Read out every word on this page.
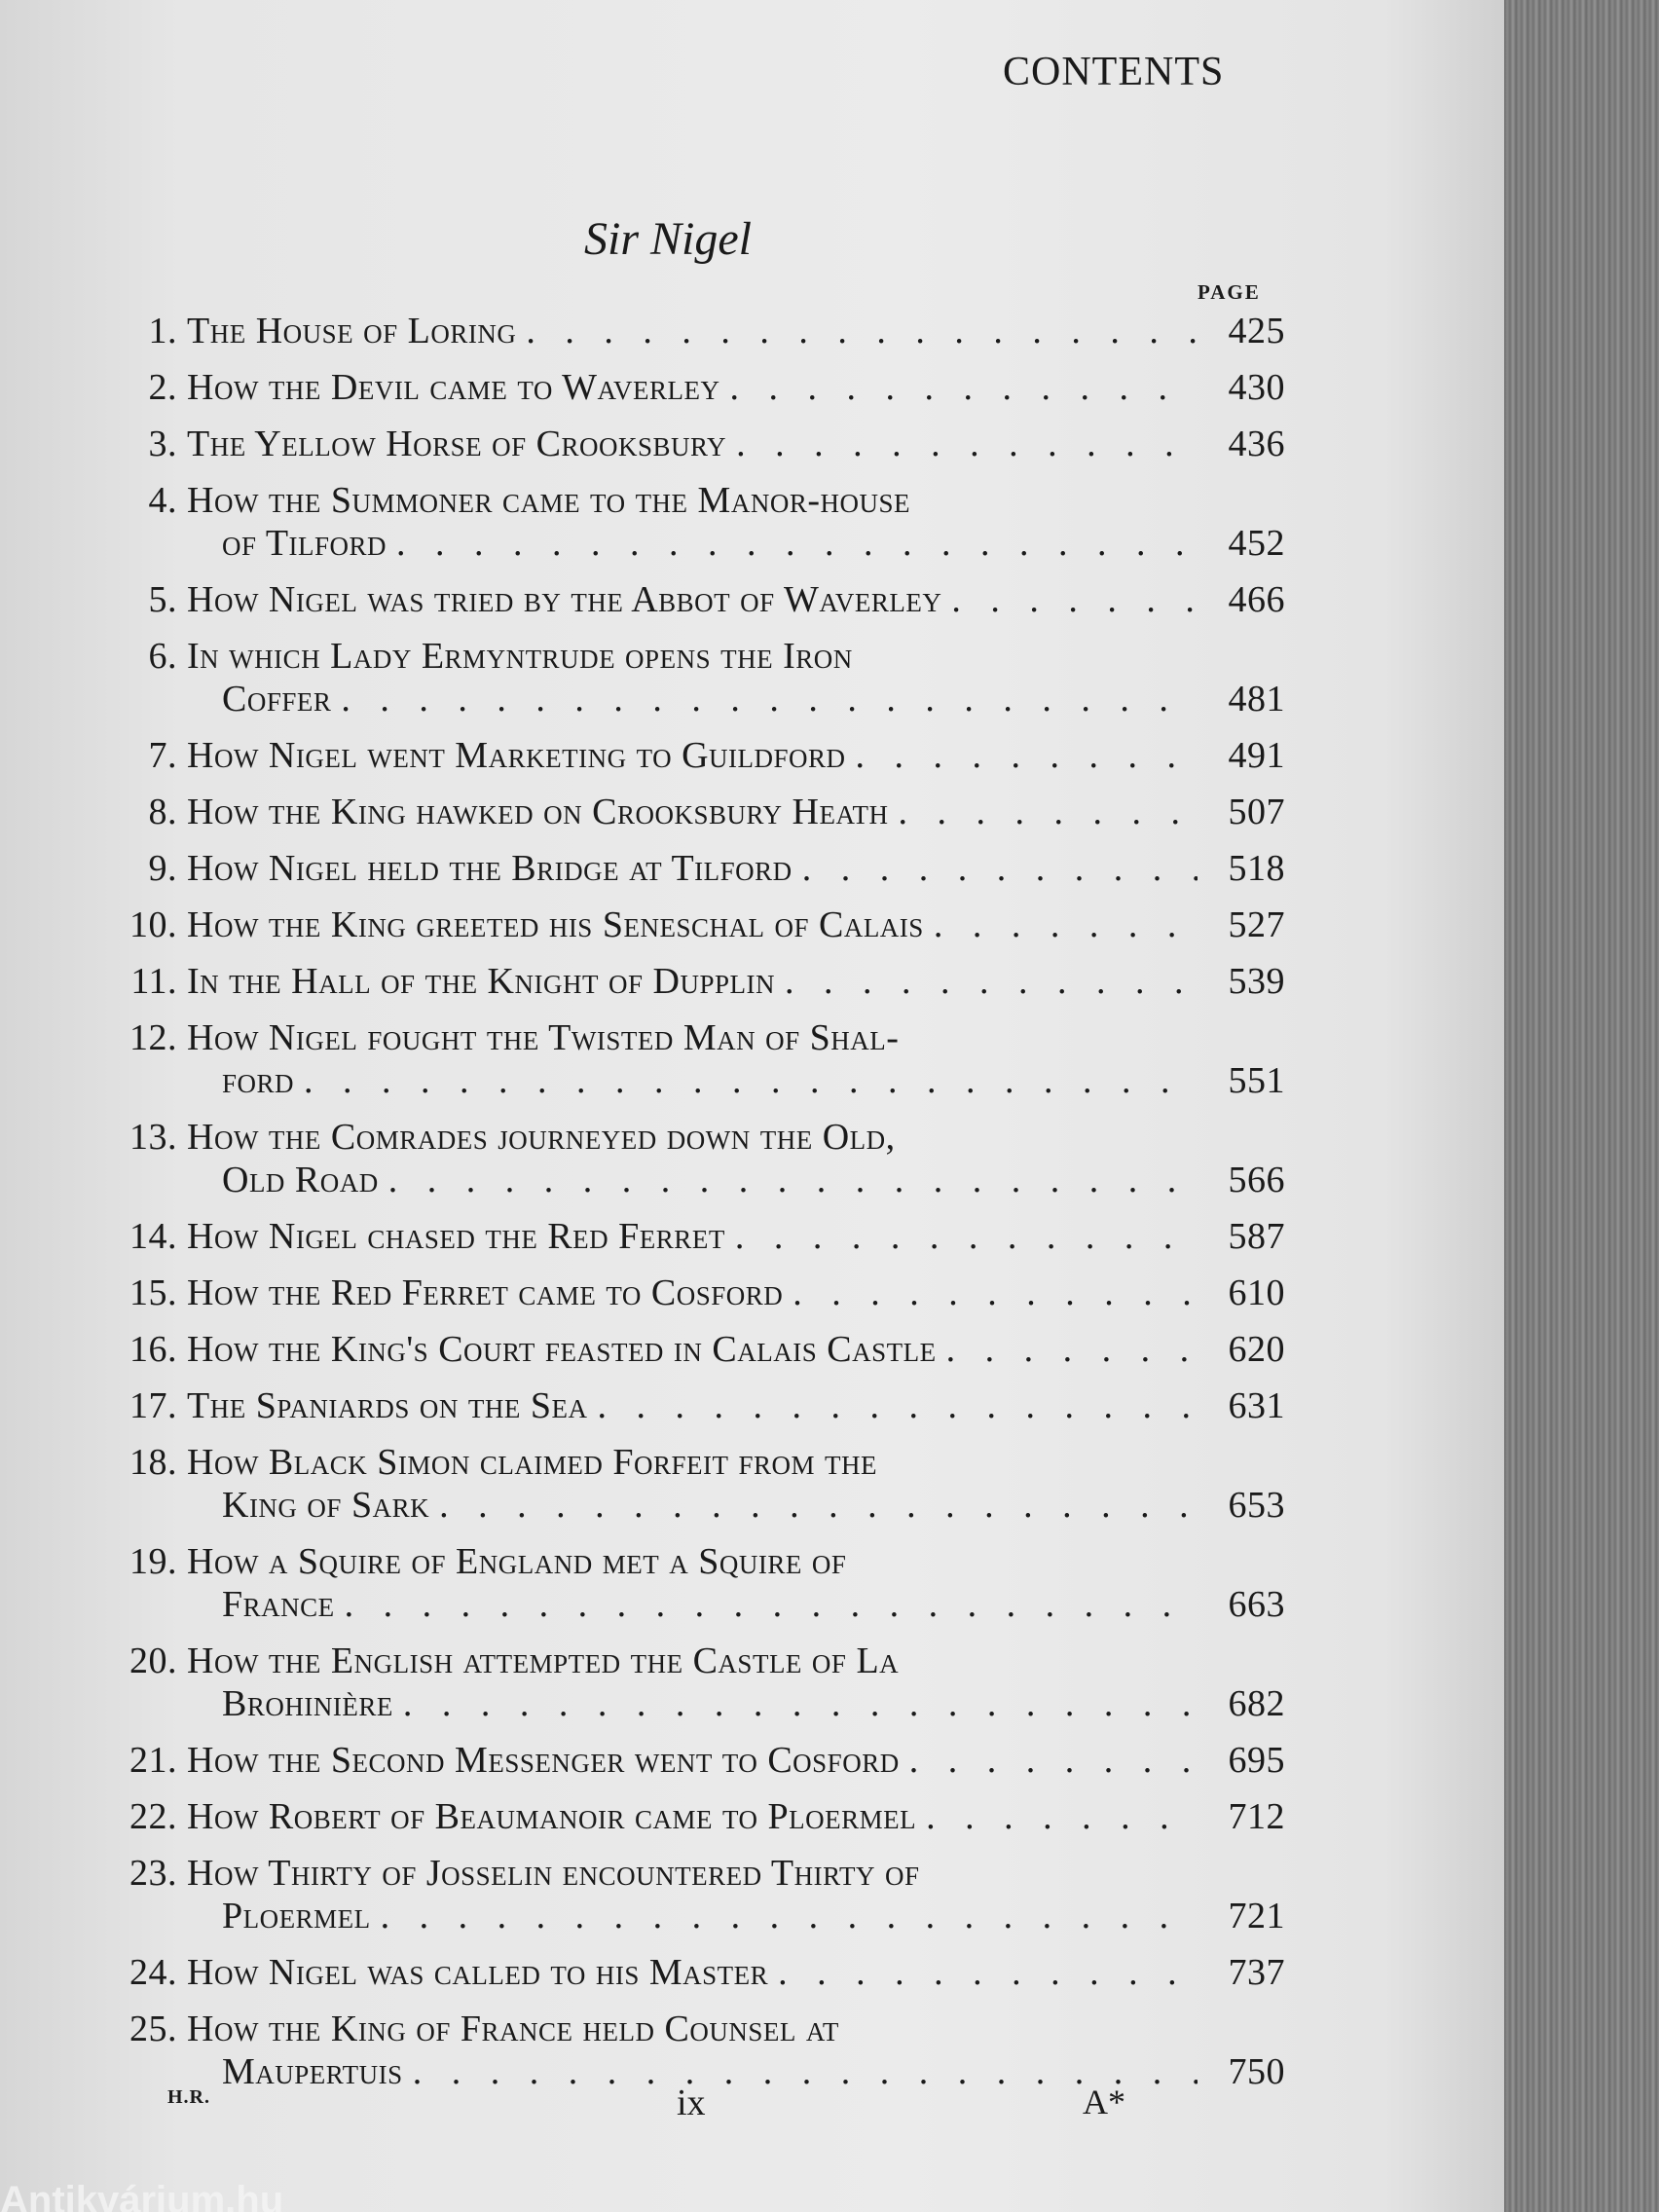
CONTENTS
Sir Nigel
PAGE
1. The House of Loring . .	425
2. How the Devil came to Waverley . .	430
3. The Yellow Horse of Crooksbury . .	436
4. How the Summoner came to the Manor-house
of Tilford . .	452
5. How Nigel was tried by the Abbot of Waverley . .	466
6. In which Lady Ermyntrude opens the Iron
Coffer . .	481
7. How Nigel went Marketing to Guildford . .	491
8. How the King hawked on Crooksbury Heath . .	507
9. How Nigel held the Bridge at Tilford . .	518
10. How the King greeted his Seneschal of Calais . .	527
11. In the Hall of the Knight of Dupplin . .	539
12. How Nigel fought the Twisted Man of Shal-
ford . .	551
13. How the Comrades journeyed down the Old,
Old Road . .	566
14. How Nigel chased the Red Ferret . .	587
15. How the Red Ferret came to Cosford . .	610
16. How the King's Court feasted in Calais Castle . .	620
17. The Spaniards on the Sea . .	631
18. How Black Simon claimed Forfeit from the
King of Sark . .	653
19. How a Squire of England met a Squire of
France . .	663
20. How the English attempted the Castle of La
Brohinière . .	682
21. How the Second Messenger went to Cosford . .	695
22. How Robert of Beaumanoir came to Ploermel . .	712
23. How Thirty of Josselin encountered Thirty of
Ploermel . .	721
24. How Nigel was called to his Master . .	737
25. How the King of France held Counsel at
Maupertuis . .	750
H.R.	ix	A*
Antikvárium.hu
